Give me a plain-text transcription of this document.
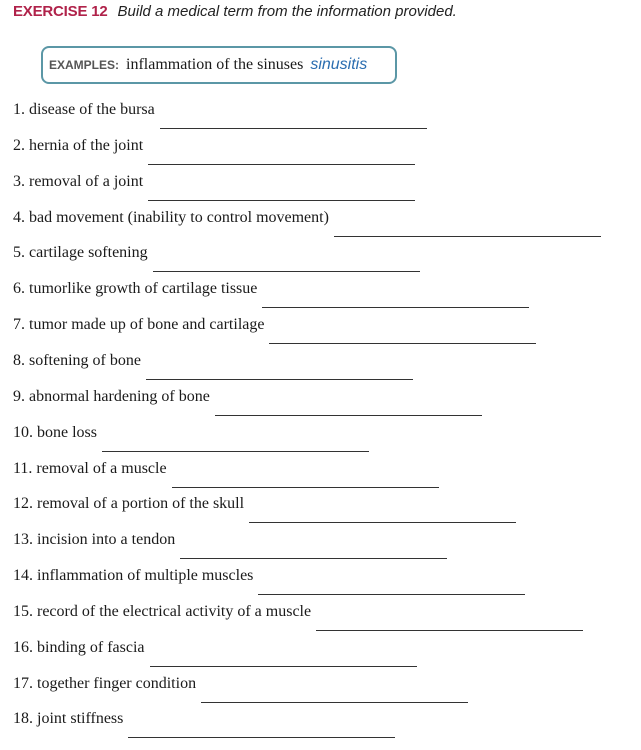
EXERCISE 12 Build a medical term from the information provided.
EXAMPLES: inflammation of the sinuses sinusitis
1. disease of the bursa
2. hernia of the joint
3. removal of a joint
4. bad movement (inability to control movement)
5. cartilage softening
6. tumorlike growth of cartilage tissue
7. tumor made up of bone and cartilage
8. softening of bone
9. abnormal hardening of bone
10. bone loss
11. removal of a muscle
12. removal of a portion of the skull
13. incision into a tendon
14. inflammation of multiple muscles
15. record of the electrical activity of a muscle
16. binding of fascia
17. together finger condition
18. joint stiffness
